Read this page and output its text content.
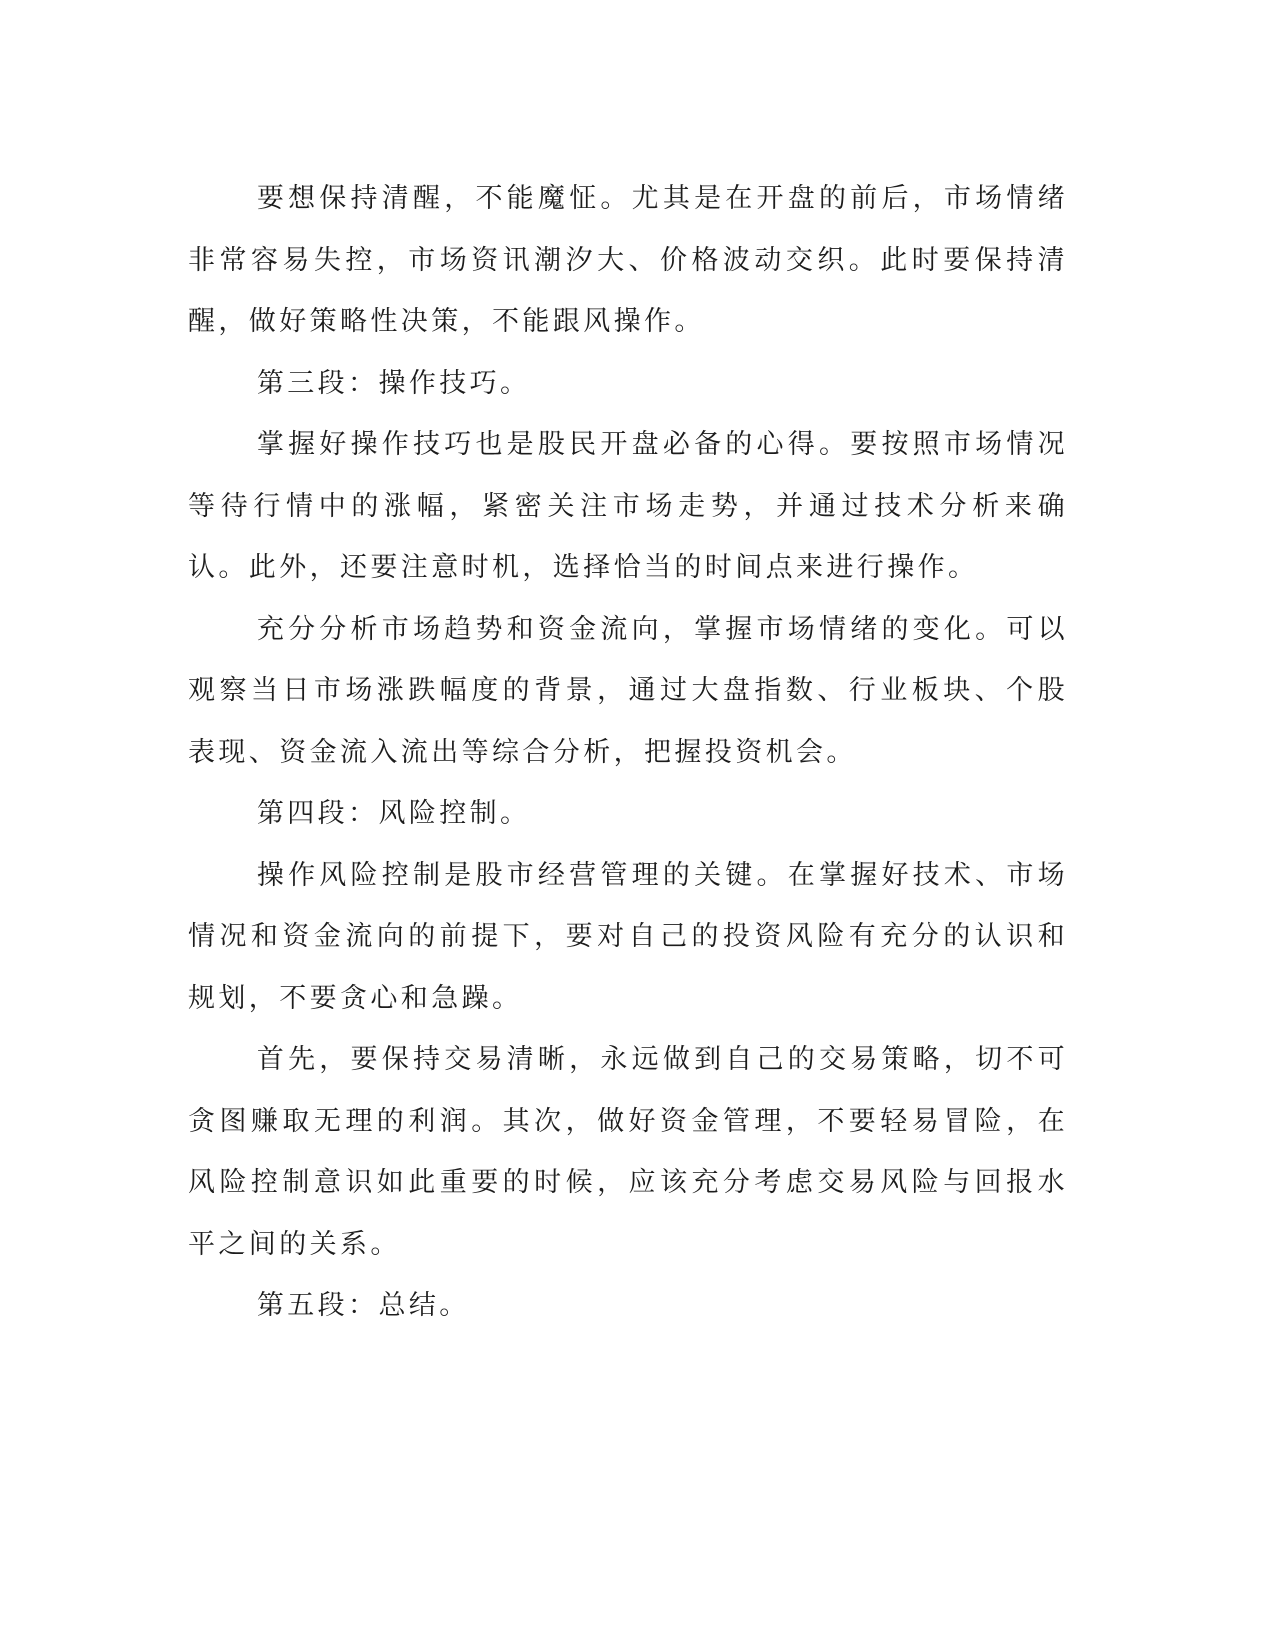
要想保持清醒，不能魔怔。尤其是在开盘的前后，市场情绪非常容易失控，市场资讯潮汐大、价格波动交织。此时要保持清醒，做好策略性决策，不能跟风操作。

第三段：操作技巧。

掌握好操作技巧也是股民开盘必备的心得。要按照市场情况等待行情中的涨幅，紧密关注市场走势，并通过技术分析来确认。此外，还要注意时机，选择恰当的时间点来进行操作。

充分分析市场趋势和资金流向，掌握市场情绪的变化。可以观察当日市场涨跌幅度的背景，通过大盘指数、行业板块、个股表现、资金流入流出等综合分析，把握投资机会。

第四段：风险控制。

操作风险控制是股市经营管理的关键。在掌握好技术、市场情况和资金流向的前提下，要对自己的投资风险有充分的认识和规划，不要贪心和急躁。

首先，要保持交易清晰，永远做到自己的交易策略，切不可贪图赚取无理的利润。其次，做好资金管理，不要轻易冒险，在风险控制意识如此重要的时候，应该充分考虑交易风险与回报水平之间的关系。

第五段：总结。
